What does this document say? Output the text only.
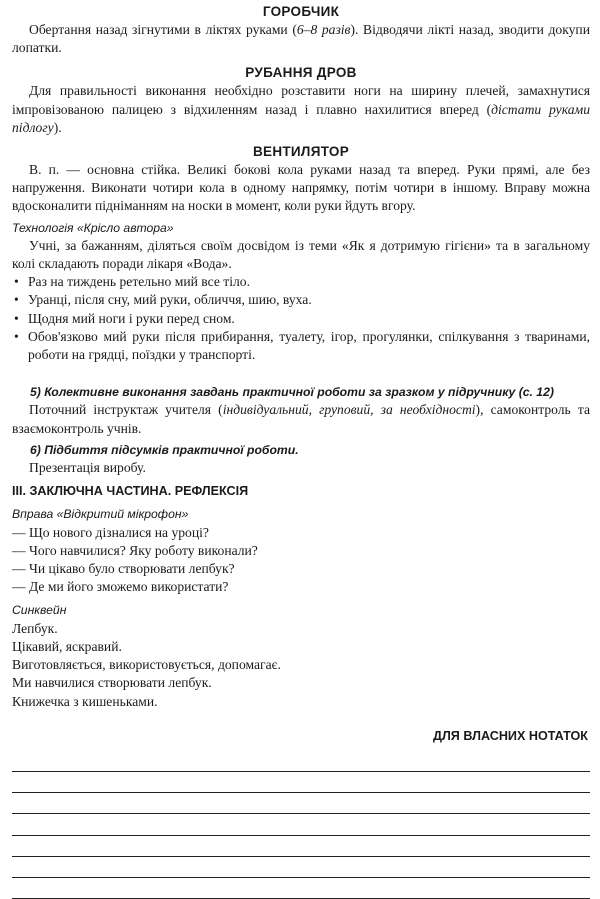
ГОРОБЧИК

Обертання назад зігнутими в ліктях руками (6–8 разів). Відводячи лікті назад, зводити докупи лопатки.

РУБАННЯ ДРОВ

Для правильності виконання необхідно розставити ноги на ширину плечей, замахнутися імпровізованою палицею з відхиленням назад і плавно нахилитися вперед (дістати руками підлогу).

ВЕНТИЛЯТОР

В. п. — основна стійка. Великі бокові кола руками назад та вперед. Руки прямі, але без напруження. Виконати чотири кола в одному напрямку, потім чотири в іншому. Вправу можна вдосконалити підніманням на носки в момент, коли руки йдуть вгору.

Технологія «Крісло автора»

Учні, за бажанням, діляться своїм досвідом із теми «Як я дотримую гігієни» та в загальному колі складають поради лікаря «Вода».

• Раз на тиждень ретельно мий все тіло.
• Уранці, після сну, мий руки, обличчя, шию, вуха.
• Щодня мий ноги і руки перед сном.
• Обов'язково мий руки після прибирання, туалету, ігор, прогулянки, спілкування з тваринами, роботи на грядці, поїздки у транспорті.
5) Колективне виконання завдань практичної роботи за зразком у підручнику (с. 12)

Поточний інструктаж учителя (індивідуальний, груповий, за необхідності), самоконтроль та взаємоконтроль учнів.

6) Підбиття підсумків практичної роботи.

Презентація виробу.

ІІІ. ЗАКЛЮЧНА ЧАСТИНА. РЕФЛЕКСІЯ
Вправа «Відкритий мікрофон»
— Що нового дізналися на уроці?
— Чого навчилися? Яку роботу виконали?
— Чи цікаво було створювати лепбук?
— Де ми його зможемо використати?
Синквейн
Лепбук.
Цікавий, яскравий.
Виготовляється, використовується, допомагає.
Ми навчилися створювати лепбук.
Книжечка з кишеньками.
ДЛЯ ВЛАСНИХ НОТАТОК
